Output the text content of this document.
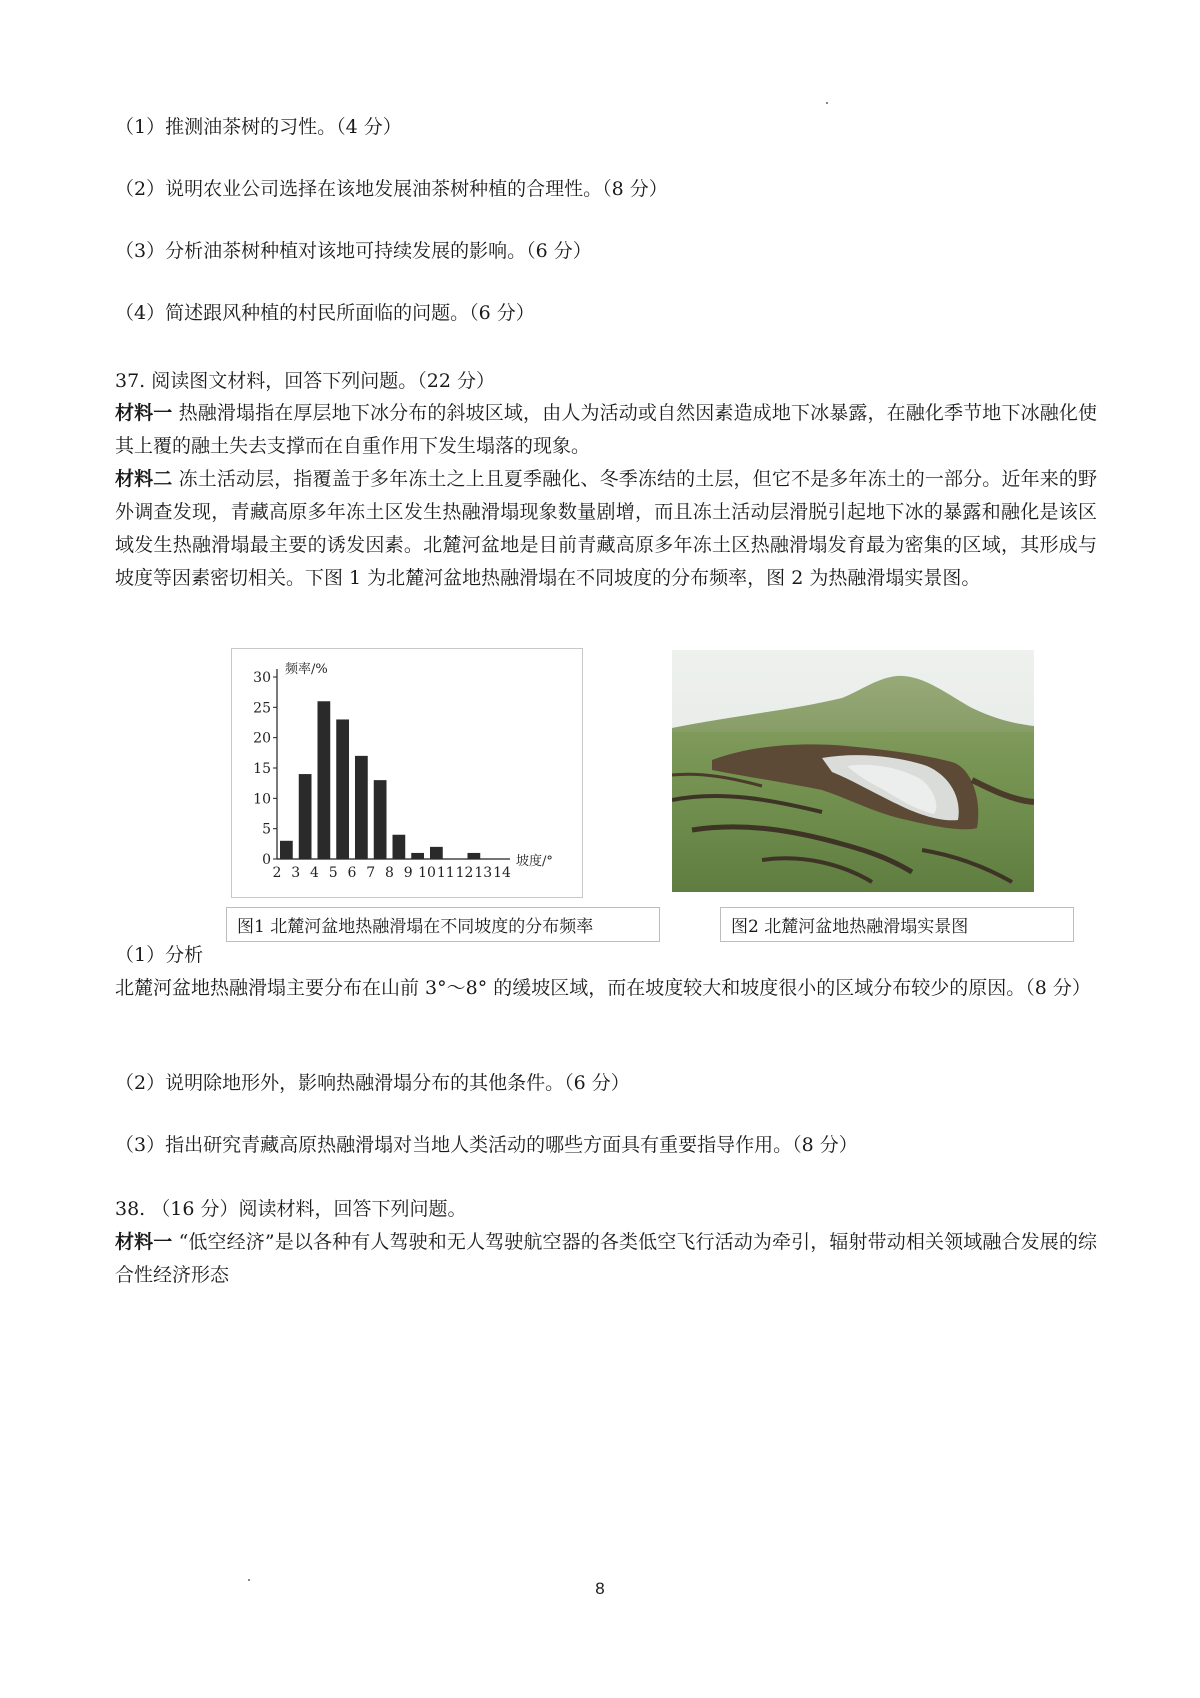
（1）推测油茶树的习性。（4 分）
（2）说明农业公司选择在该地发展油茶树种植的合理性。（8 分）
（3）分析油茶树种植对该地可持续发展的影响。（6 分）
（4）简述跟风种植的村民所面临的问题。（6 分）
37. 阅读图文材料，回答下列问题。（22 分）
材料一 热融滑塌指在厚层地下冰分布的斜坡区域，由人为活动或自然因素造成地下冰暴露，在融化季节地下冰融化使其上覆的融土失去支撑而在自重作用下发生塌落的现象。
材料二 冻土活动层，指覆盖于多年冻土之上且夏季融化、冬季冻结的土层，但它不是多年冻土的一部分。近年来的野外调查发现，青藏高原多年冻土区发生热融滑塌现象数量剧增，而且冻土活动层滑脱引起地下冰的暴露和融化是该区域发生热融滑塌最主要的诱发因素。北麓河盆地是目前青藏高原多年冻土区热融滑塌发育最为密集的区域，其形成与坡度等因素密切相关。下图 1 为北麓河盆地热融滑塌在不同坡度的分布频率，图 2 为热融滑塌实景图。
0
5
10
15
20
25
30
2 3 4 5 6 7 8 9 10 11 12 13 14
频率/%
坡度/°
图1 北麓河盆地热融滑塌在不同坡度的分布频率	图2 北麓河盆地热融滑塌实景图
（1）分析
北麓河盆地热融滑塌主要分布在山前 3°～8° 的缓坡区域，而在坡度较大和坡度很小的区域分布较少的原因。（8 分）
（2）说明除地形外，影响热融滑塌分布的其他条件。（6 分）
（3）指出研究青藏高原热融滑塌对当地人类活动的哪些方面具有重要指导作用。（8 分）
38. （16 分）阅读材料，回答下列问题。
材料一 “低空经济”是以各种有人驾驶和无人驾驶航空器的各类低空飞行活动为牵引，辐射带动相关领域融合发展的综合性经济形态
8
